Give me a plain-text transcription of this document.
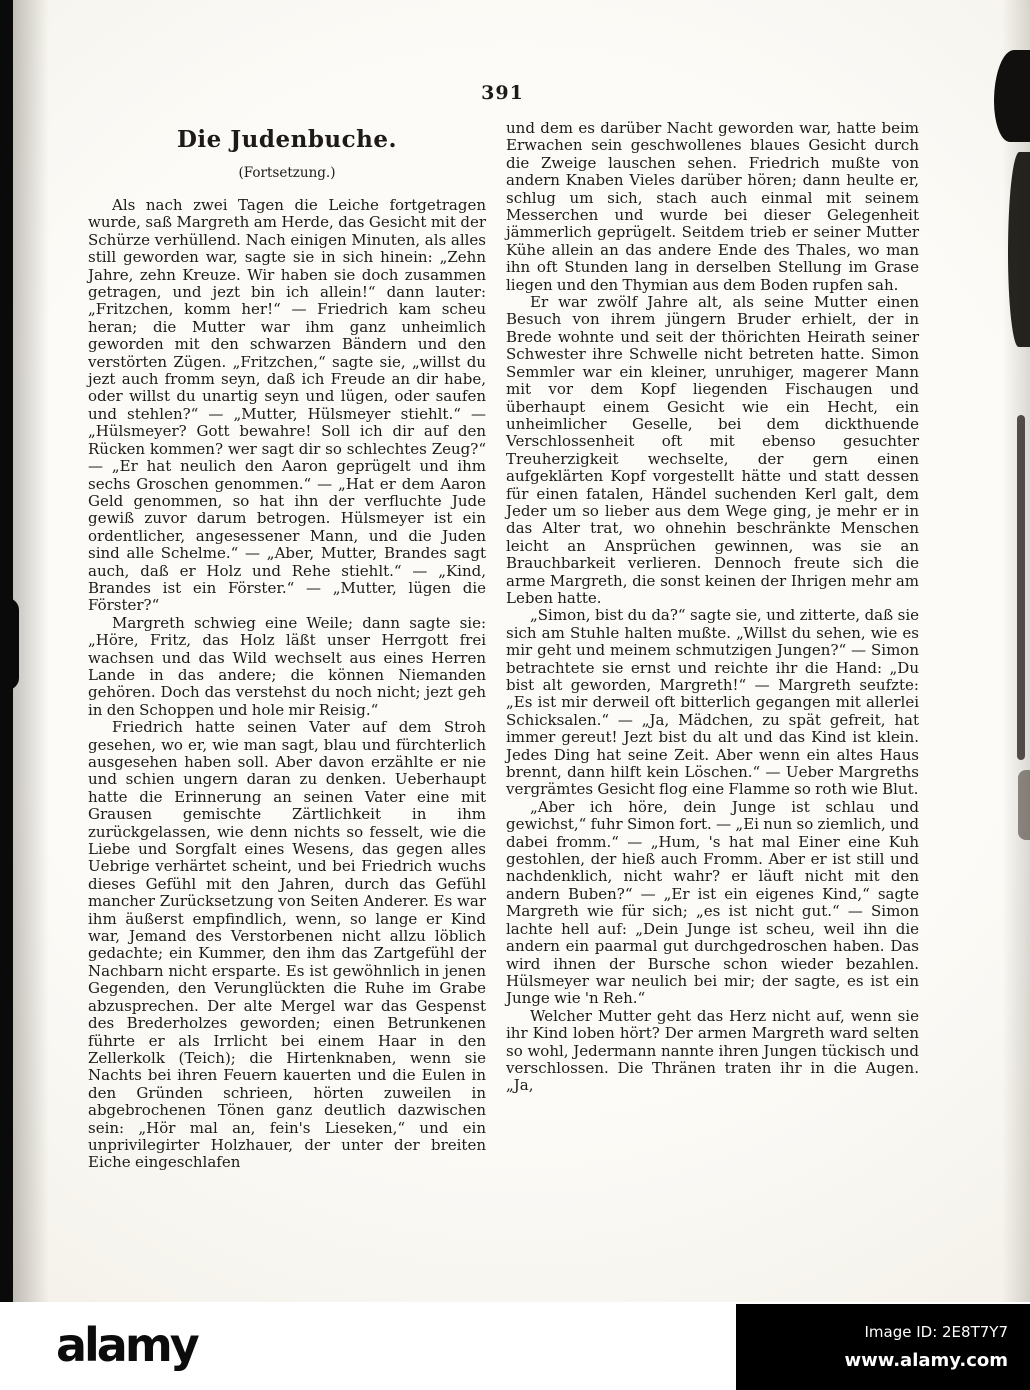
391
Die Judenbuche.
(Fortsetzung.)

Als nach zwei Tagen die Leiche fortgetragen wurde, saß Margreth am Herde, das Gesicht mit der Schürze verhüllend. Nach einigen Minuten, als alles still geworden war, sagte sie in sich hinein: „Zehn Jahre, zehn Kreuze. Wir haben sie doch zusammen getragen, und jezt bin ich allein!“ dann lauter: „Fritzchen, komm her!“ — Friedrich kam scheu heran; die Mutter war ihm ganz unheimlich geworden mit den schwarzen Bändern und den verstörten Zügen. „Fritzchen,“ sagte sie, „willst du jezt auch fromm seyn, daß ich Freude an dir habe, oder willst du unartig seyn und lügen, oder saufen und stehlen?“ — „Mutter, Hülsmeyer stiehlt.“ — „Hülsmeyer? Gott bewahre! Soll ich dir auf den Rücken kommen? wer sagt dir so schlechtes Zeug?“ — „Er hat neulich den Aaron geprügelt und ihm sechs Groschen genommen.“ — „Hat er dem Aaron Geld genommen, so hat ihn der verfluchte Jude gewiß zuvor darum betrogen. Hülsmeyer ist ein ordentlicher, angesessener Mann, und die Juden sind alle Schelme.“ — „Aber, Mutter, Brandes sagt auch, daß er Holz und Rehe stiehlt.“ — „Kind, Brandes ist ein Förster.“ — „Mutter, lügen die Förster?“

Margreth schwieg eine Weile; dann sagte sie: „Höre, Fritz, das Holz läßt unser Herrgott frei wachsen und das Wild wechselt aus eines Herren Lande in das andere; die können Niemanden gehören. Doch das verstehst du noch nicht; jezt geh in den Schoppen und hole mir Reisig.“

Friedrich hatte seinen Vater auf dem Stroh gesehen, wo er, wie man sagt, blau und fürchterlich ausgesehen haben soll. Aber davon erzählte er nie und schien ungern daran zu denken. Ueberhaupt hatte die Erinnerung an seinen Vater eine mit Grausen gemischte Zärtlichkeit in ihm zurückgelassen, wie denn nichts so fesselt, wie die Liebe und Sorgfalt eines Wesens, das gegen alles Uebrige verhärtet scheint, und bei Friedrich wuchs dieses Gefühl mit den Jahren, durch das Gefühl mancher Zurücksetzung von Seiten Anderer. Es war ihm äußerst empfindlich, wenn, so lange er Kind war, Jemand des Verstorbenen nicht allzu löblich gedachte; ein Kummer, den ihm das Zartgefühl der Nachbarn nicht ersparte. Es ist gewöhnlich in jenen Gegenden, den Verunglückten die Ruhe im Grabe abzusprechen. Der alte Mergel war das Gespenst des Brederholzes geworden; einen Betrunkenen führte er als Irrlicht bei einem Haar in den Zellerkolk (Teich); die Hirtenknaben, wenn sie Nachts bei ihren Feuern kauerten und die Eulen in den Gründen schrieen, hörten zuweilen in abgebrochenen Tönen ganz deutlich dazwischen sein: „Hör mal an, fein's Lieseken,“ und ein unprivilegirter Holzhauer, der unter der breiten Eiche eingeschlafen

und dem es darüber Nacht geworden war, hatte beim Erwachen sein geschwollenes blaues Gesicht durch die Zweige lauschen sehen. Friedrich mußte von andern Knaben Vieles darüber hören; dann heulte er, schlug um sich, stach auch einmal mit seinem Messerchen und wurde bei dieser Gelegenheit jämmerlich geprügelt. Seitdem trieb er seiner Mutter Kühe allein an das andere Ende des Thales, wo man ihn oft Stunden lang in derselben Stellung im Grase liegen und den Thymian aus dem Boden rupfen sah.

Er war zwölf Jahre alt, als seine Mutter einen Besuch von ihrem jüngern Bruder erhielt, der in Brede wohnte und seit der thörichten Heirath seiner Schwester ihre Schwelle nicht betreten hatte. Simon Semmler war ein kleiner, unruhiger, magerer Mann mit vor dem Kopf liegenden Fischaugen und überhaupt einem Gesicht wie ein Hecht, ein unheimlicher Geselle, bei dem dickthuende Verschlossenheit oft mit ebenso gesuchter Treuherzigkeit wechselte, der gern einen aufgeklärten Kopf vorgestellt hätte und statt dessen für einen fatalen, Händel suchenden Kerl galt, dem Jeder um so lieber aus dem Wege ging, je mehr er in das Alter trat, wo ohnehin beschränkte Menschen leicht an Ansprüchen gewinnen, was sie an Brauchbarkeit verlieren. Dennoch freute sich die arme Margreth, die sonst keinen der Ihrigen mehr am Leben hatte.

„Simon, bist du da?“ sagte sie, und zitterte, daß sie sich am Stuhle halten mußte. „Willst du sehen, wie es mir geht und meinem schmutzigen Jungen?“ — Simon betrachtete sie ernst und reichte ihr die Hand: „Du bist alt geworden, Margreth!“ — Margreth seufzte: „Es ist mir derweil oft bitterlich gegangen mit allerlei Schicksalen.“ — „Ja, Mädchen, zu spät gefreit, hat immer gereut! Jezt bist du alt und das Kind ist klein. Jedes Ding hat seine Zeit. Aber wenn ein altes Haus brennt, dann hilft kein Löschen.“ — Ueber Margreths vergrämtes Gesicht flog eine Flamme so roth wie Blut.

„Aber ich höre, dein Junge ist schlau und gewichst,“ fuhr Simon fort. — „Ei nun so ziemlich, und dabei fromm.“ — „Hum, 's hat mal Einer eine Kuh gestohlen, der hieß auch Fromm. Aber er ist still und nachdenklich, nicht wahr? er läuft nicht mit den andern Buben?“ — „Er ist ein eigenes Kind,“ sagte Margreth wie für sich; „es ist nicht gut.“ — Simon lachte hell auf: „Dein Junge ist scheu, weil ihn die andern ein paarmal gut durchgedroschen haben. Das wird ihnen der Bursche schon wieder bezahlen. Hülsmeyer war neulich bei mir; der sagte, es ist ein Junge wie 'n Reh.“

Welcher Mutter geht das Herz nicht auf, wenn sie ihr Kind loben hört? Der armen Margreth ward selten so wohl, Jedermann nannte ihren Jungen tückisch und verschlossen. Die Thränen traten ihr in die Augen. „Ja,

alamy	Image ID: 2E8T7Y7
www.alamy.com
